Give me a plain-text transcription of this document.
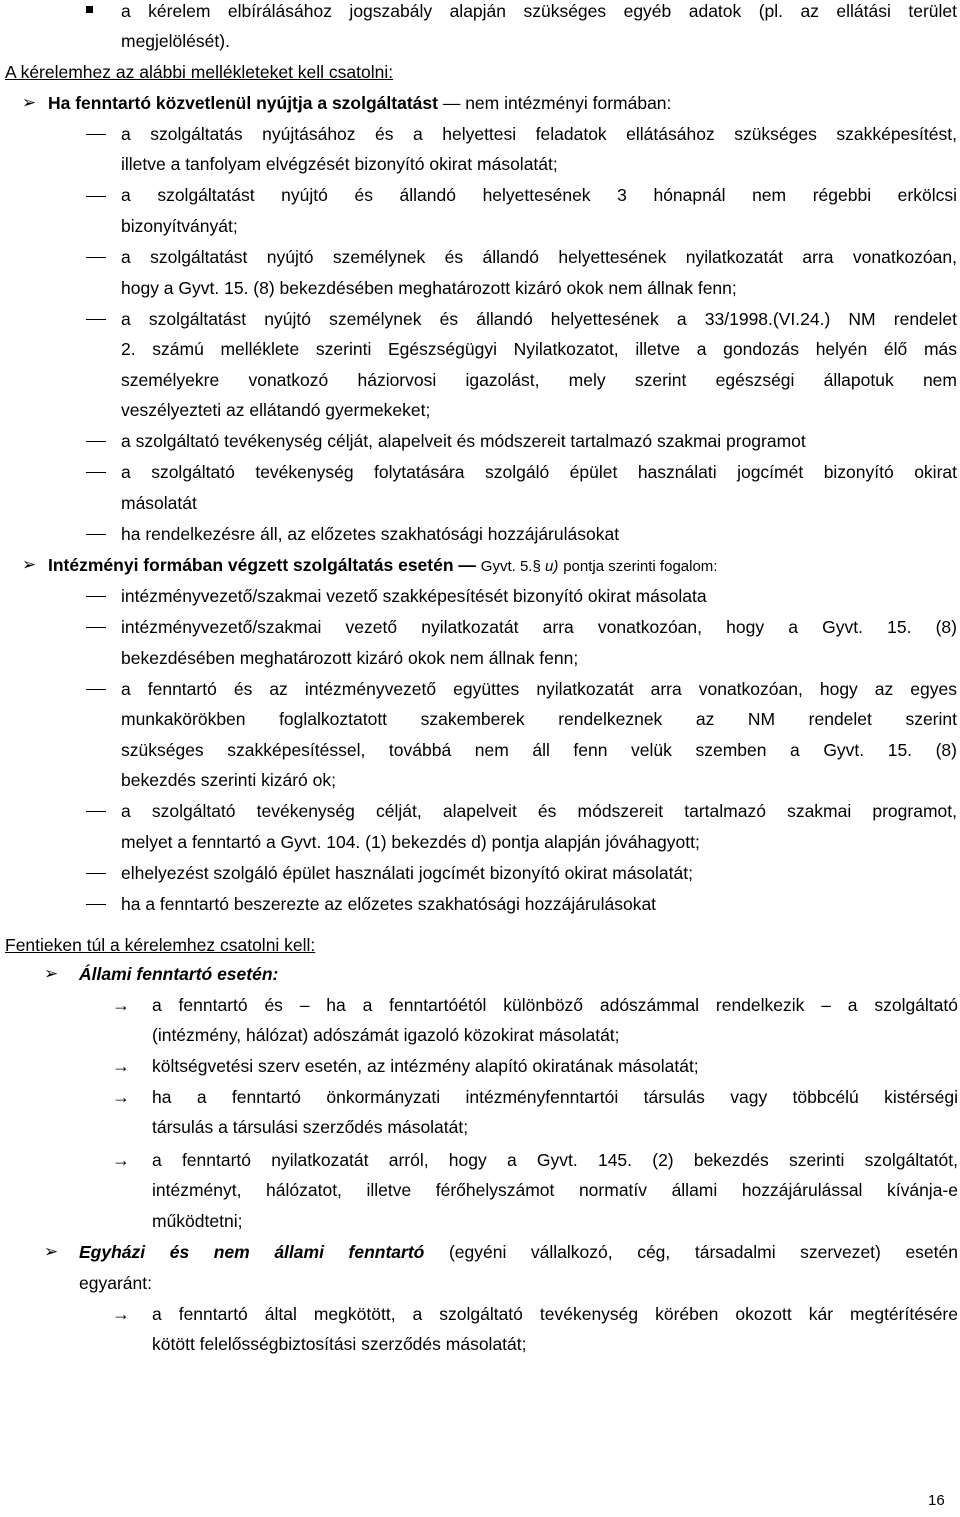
a kérelem elbírálásához jogszabály alapján szükséges egyéb adatok (pl. az ellátási terület
megjelölését).
A kérelemhez az alábbi mellékleteket kell csatolni:
➢ Ha fenntartó közvetlenül nyújtja a szolgáltatást — nem intézményi formában:
a szolgáltatás nyújtásához és a helyettesi feladatok ellátásához szükséges szakképesítést,
illetve a tanfolyam elvégzését bizonyító okirat másolatát;
a szolgáltatást nyújtó és állandó helyettesének 3 hónapnál nem régebbi erkölcsi
bizonyítványát;
a szolgáltatást nyújtó személynek és állandó helyettesének nyilatkozatát arra vonatkozóan,
hogy a Gyvt. 15. (8) bekezdésében meghatározott kizáró okok nem állnak fenn;
a szolgáltatást nyújtó személynek és állandó helyettesének a 33/1998.(VI.24.) NM rendelet
2. számú melléklete szerinti Egészségügyi Nyilatkozatot, illetve a gondozás helyén élő más
személyekre vonatkozó háziorvosi igazolást, mely szerint egészségi állapotuk nem
veszélyezteti az ellátandó gyermekeket;
a szolgáltató tevékenység célját, alapelveit és módszereit tartalmazó szakmai programot
a szolgáltató tevékenység folytatására szolgáló épület használati jogcímét bizonyító okirat
másolatát
ha rendelkezésre áll, az előzetes szakhatósági hozzájárulásokat
➢ Intézményi formában végzett szolgáltatás esetén — Gyvt. 5.§ u) pontja szerinti fogalom:
intézményvezető/szakmai vezető szakképesítését bizonyító okirat másolata
intézményvezető/szakmai vezető nyilatkozatát arra vonatkozóan, hogy a Gyvt. 15. (8)
bekezdésében meghatározott kizáró okok nem állnak fenn;
a fenntartó és az intézményvezető együttes nyilatkozatát arra vonatkozóan, hogy az egyes
munkakörökben foglalkoztatott szakemberek rendelkeznek az NM rendelet szerint
szükséges szakképesítéssel, továbbá nem áll fenn velük szemben a Gyvt. 15. (8)
bekezdés szerinti kizáró ok;
a szolgáltató tevékenység célját, alapelveit és módszereit tartalmazó szakmai programot,
melyet a fenntartó a Gyvt. 104. (1) bekezdés d) pontja alapján jóváhagyott;
elhelyezést szolgáló épület használati jogcímét bizonyító okirat másolatát;
ha a fenntartó beszerezte az előzetes szakhatósági hozzájárulásokat
Fentieken túl a kérelemhez csatolni kell:
➢ Állami fenntartó esetén:
→ a fenntartó és – ha a fenntartóétól különböző adószámmal rendelkezik – a szolgáltató
(intézmény, hálózat) adószámát igazoló közokirat másolatát;
→ költségvetési szerv esetén, az intézmény alapító okiratának másolatát;
→ ha a fenntartó önkormányzati intézményfenntartói társulás vagy többcélú kistérségi
társulás a társulási szerződés másolatát;
→ a fenntartó nyilatkozatát arról, hogy a Gyvt. 145. (2) bekezdés szerinti szolgáltatót,
intézményt, hálózatot, illetve férőhelyszámot normatív állami hozzájárulással kívánja-e
működtetni;
➢ Egyházi és nem állami fenntartó (egyéni vállalkozó, cég, társadalmi szervezet) esetén
egyaránt:
→ a fenntartó által megkötött, a szolgáltató tevékenység körében okozott kár megtérítésére
kötött felelősségbiztosítási szerződés másolatát;
16
